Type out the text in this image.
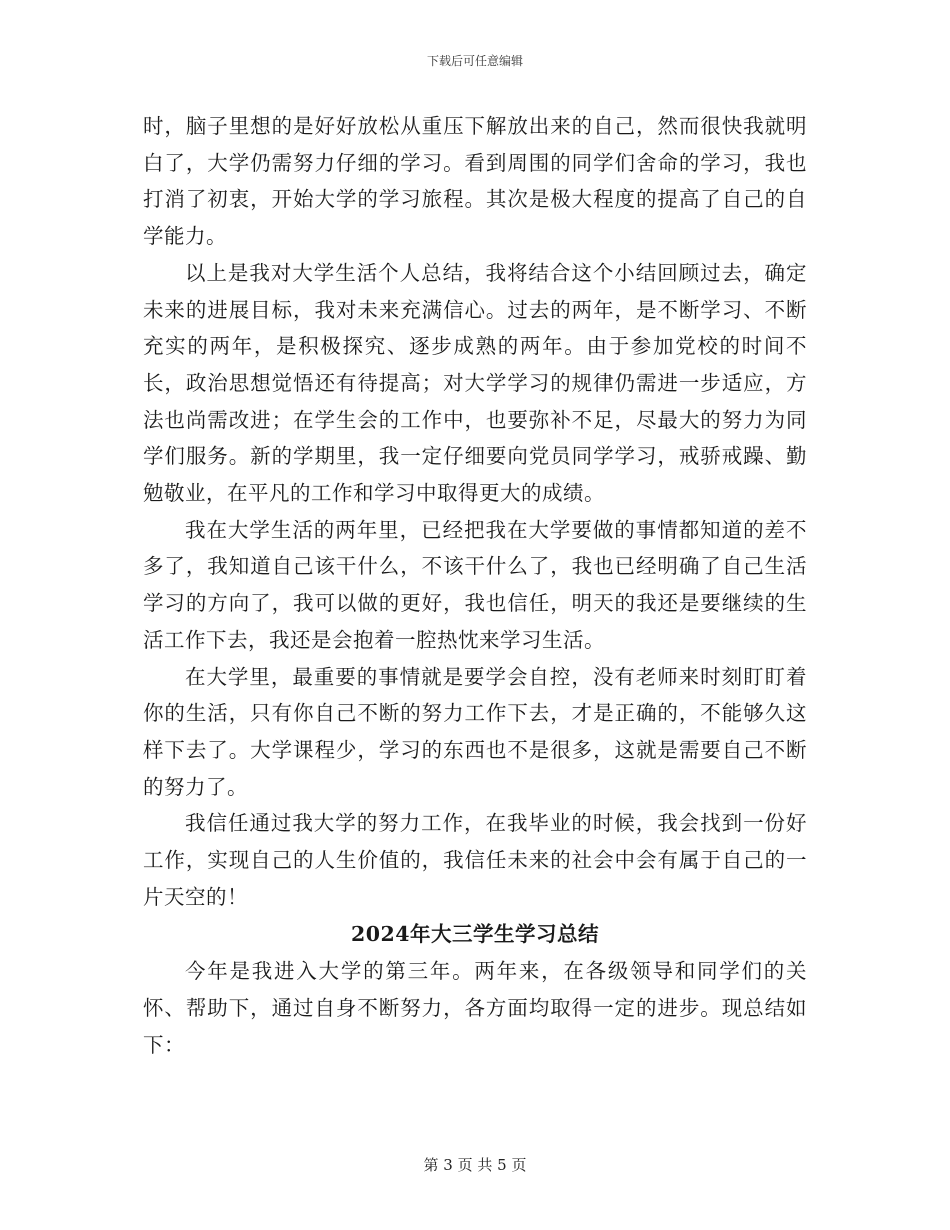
下载后可任意编辑

时，脑子里想的是好好放松从重压下解放出来的自己，然而很快我就明白了，大学仍需努力仔细的学习。看到周围的同学们舍命的学习，我也打消了初衷，开始大学的学习旅程。其次是极大程度的提高了自己的自学能力。

以上是我对大学生活个人总结，我将结合这个小结回顾过去，确定未来的进展目标，我对未来充满信心。过去的两年，是不断学习、不断充实的两年，是积极探究、逐步成熟的两年。由于参加党校的时间不长，政治思想觉悟还有待提高；对大学学习的规律仍需进一步适应，方法也尚需改进；在学生会的工作中，也要弥补不足，尽最大的努力为同学们服务。新的学期里，我一定仔细要向党员同学学习，戒骄戒躁、勤勉敬业，在平凡的工作和学习中取得更大的成绩。

我在大学生活的两年里，已经把我在大学要做的事情都知道的差不多了，我知道自己该干什么，不该干什么了，我也已经明确了自己生活学习的方向了，我可以做的更好，我也信任，明天的我还是要继续的生活工作下去，我还是会抱着一腔热忱来学习生活。

在大学里，最重要的事情就是要学会自控，没有老师来时刻盯盯着你的生活，只有你自己不断的努力工作下去，才是正确的，不能够久这样下去了。大学课程少，学习的东西也不是很多，这就是需要自己不断的努力了。

我信任通过我大学的努力工作，在我毕业的时候，我会找到一份好工作，实现自己的人生价值的，我信任未来的社会中会有属于自己的一片天空的！

2024年大三学生学习总结

今年是我进入大学的第三年。两年来，在各级领导和同学们的关怀、帮助下，通过自身不断努力，各方面均取得一定的进步。现总结如下：

第 3 页 共 5 页
